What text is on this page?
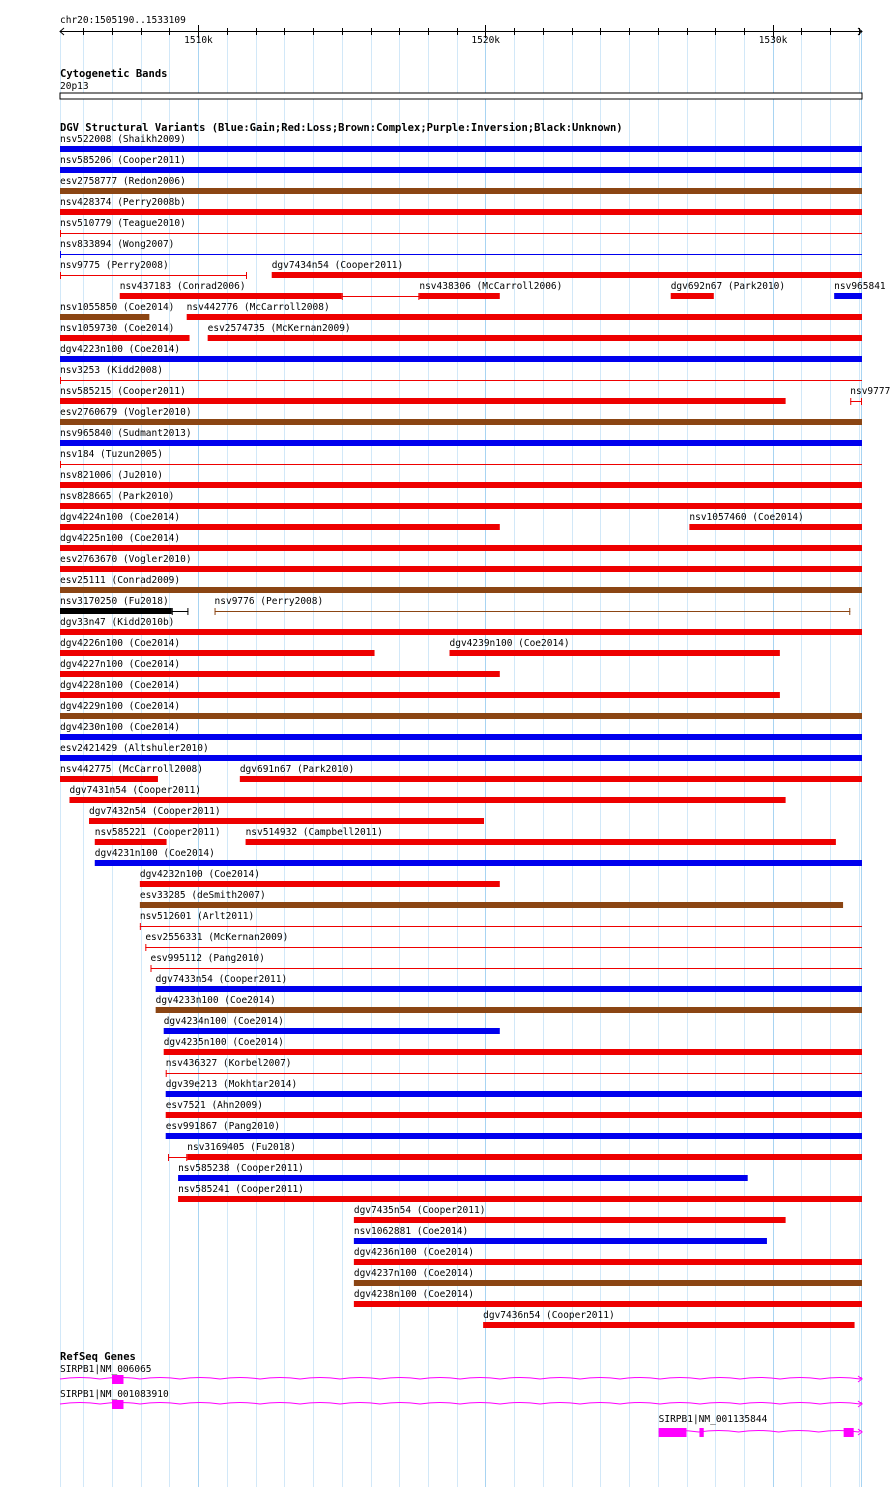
chr20:1505190..1533109
1510k	1520k	1530k
Cytogenetic Bands
20p13
DGV Structural Variants (Blue:Gain;Red:Loss;Brown:Complex;Purple:Inversion;Black:Unknown)
nsv522008 (Shaikh2009)
nsv585206 (Cooper2011)
esv2758777 (Redon2006)
nsv428374 (Perry2008b)
nsv510779 (Teague2010)
nsv833894 (Wong2007)
nsv9775 (Perry2008)	dgv7434n54 (Cooper2011)
nsv437183 (Conrad2006)	nsv438306 (McCarroll2006)	dgv692n67 (Park2010)	nsv965841
nsv1055850 (Coe2014) nsv442776 (McCarroll2008)
nsv1059730 (Coe2014)	esv2574735 (McKernan2009)
dgv4223n100 (Coe2014)
nsv3253 (Kidd2008)
nsv585215 (Cooper2011)	nsv9777
esv2760679 (Vogler2010)
nsv965840 (Sudmant2013)
nsv184 (Tuzun2005)
nsv821006 (Ju2010)
nsv828665 (Park2010)
dgv4224n100 (Coe2014)	nsv1057460 (Coe2014)
dgv4225n100 (Coe2014)
esv2763670 (Vogler2010)
esv25111 (Conrad2009)
nsv3170250 (Fu2018)	nsv9776 (Perry2008)
dgv33n47 (Kidd2010b)
dgv4226n100 (Coe2014)	dgv4239n100 (Coe2014)
dgv4227n100 (Coe2014)
dgv4228n100 (Coe2014)
dgv4229n100 (Coe2014)
dgv4230n100 (Coe2014)
esv2421429 (Altshuler2010)
nsv442775 (McCarroll2008)	dgv691n67 (Park2010)
dgv7431n54 (Cooper2011)
dgv7432n54 (Cooper2011)
nsv585221 (Cooper2011)	nsv514932 (Campbell2011)
dgv4231n100 (Coe2014)
dgv4232n100 (Coe2014)
esv33285 (deSmith2007)
nsv512601 (Arlt2011)
esv2556331 (McKernan2009)
esv995112 (Pang2010)
dgv7433n54 (Cooper2011)
dgv4233n100 (Coe2014)
dgv4234n100 (Coe2014)
dgv4235n100 (Coe2014)
nsv436327 (Korbel2007)
dgv39e213 (Mokhtar2014)
esv7521 (Ahn2009)
esv991867 (Pang2010)
nsv3169405 (Fu2018)
nsv585238 (Cooper2011)
nsv585241 (Cooper2011)
dgv7435n54 (Cooper2011)
nsv1062881 (Coe2014)
dgv4236n100 (Coe2014)
dgv4237n100 (Coe2014)
dgv4238n100 (Coe2014)
dgv7436n54 (Cooper2011)
RefSeq Genes
SIRPB1|NM_006065
SIRPB1|NM_001083910
SIRPB1|NM_001135844
